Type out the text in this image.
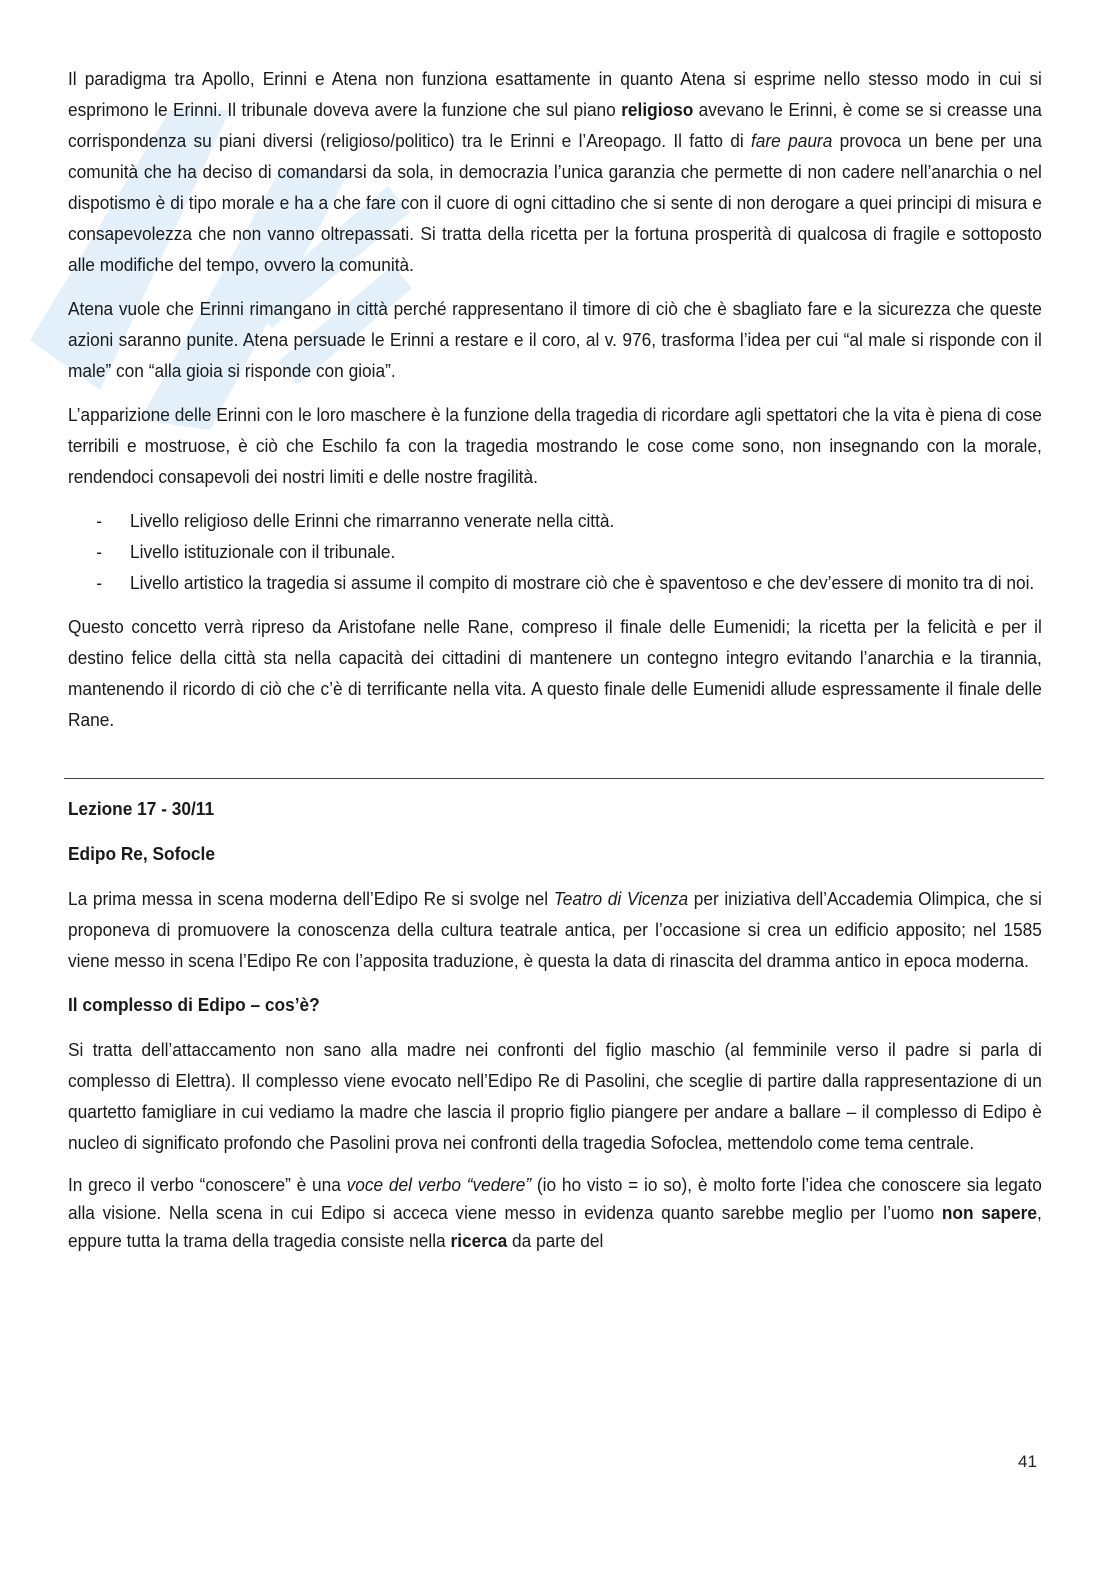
Il paradigma tra Apollo, Erinni e Atena non funziona esattamente in quanto Atena si esprime nello stesso modo in cui si esprimono le Erinni. Il tribunale doveva avere la funzione che sul piano religioso avevano le Erinni, è come se si creasse una corrispondenza su piani diversi (religioso/politico) tra le Erinni e l’Areopago. Il fatto di fare paura provoca un bene per una comunità che ha deciso di comandarsi da sola, in democrazia l’unica garanzia che permette di non cadere nell’anarchia o nel dispotismo è di tipo morale e ha a che fare con il cuore di ogni cittadino che si sente di non derogare a quei principi di misura e consapevolezza che non vanno oltrepassati. Si tratta della ricetta per la fortuna prosperità di qualcosa di fragile e sottoposto alle modifiche del tempo, ovvero la comunità.

Atena vuole che Erinni rimangano in città perché rappresentano il timore di ciò che è sbagliato fare e la sicurezza che queste azioni saranno punite. Atena persuade le Erinni a restare e il coro, al v. 976, trasforma l’idea per cui “al male si risponde con il male” con “alla gioia si risponde con gioia”.

L’apparizione delle Erinni con le loro maschere è la funzione della tragedia di ricordare agli spettatori che la vita è piena di cose terribili e mostruose, è ciò che Eschilo fa con la tragedia mostrando le cose come sono, non insegnando con la morale, rendendoci consapevoli dei nostri limiti e delle nostre fragilità.

- Livello religioso delle Erinni che rimarranno venerate nella città.
- Livello istituzionale con il tribunale.
- Livello artistico la tragedia si assume il compito di mostrare ciò che è spaventoso e che dev’essere di monito tra di noi.

Questo concetto verrà ripreso da Aristofane nelle Rane, compreso il finale delle Eumenidi; la ricetta per la felicità e per il destino felice della città sta nella capacità dei cittadini di mantenere un contegno integro evitando l’anarchia e la tirannia, mantenendo il ricordo di ciò che c’è di terrificante nella vita. A questo finale delle Eumenidi allude espressamente il finale delle Rane.

Lezione 17 - 30/11
Edipo Re, Sofocle

La prima messa in scena moderna dell’Edipo Re si svolge nel Teatro di Vicenza per iniziativa dell’Accademia Olimpica, che si proponeva di promuovere la conoscenza della cultura teatrale antica, per l’occasione si crea un edificio apposito; nel 1585 viene messo in scena l’Edipo Re con l’apposita traduzione, è questa la data di rinascita del dramma antico in epoca moderna.

Il complesso di Edipo – cos’è?

Si tratta dell’attaccamento non sano alla madre nei confronti del figlio maschio (al femminile verso il padre si parla di complesso di Elettra). Il complesso viene evocato nell’Edipo Re di Pasolini, che sceglie di partire dalla rappresentazione di un quartetto famigliare in cui vediamo la madre che lascia il proprio figlio piangere per andare a ballare – il complesso di Edipo è nucleo di significato profondo che Pasolini prova nei confronti della tragedia Sofoclea, mettendolo come tema centrale.

In greco il verbo “conoscere” è una voce del verbo “vedere” (io ho visto = io so), è molto forte l’idea che conoscere sia legato alla visione. Nella scena in cui Edipo si acceca viene messo in evidenza quanto sarebbe meglio per l’uomo non sapere, eppure tutta la trama della tragedia consiste nella ricerca da parte del

41
